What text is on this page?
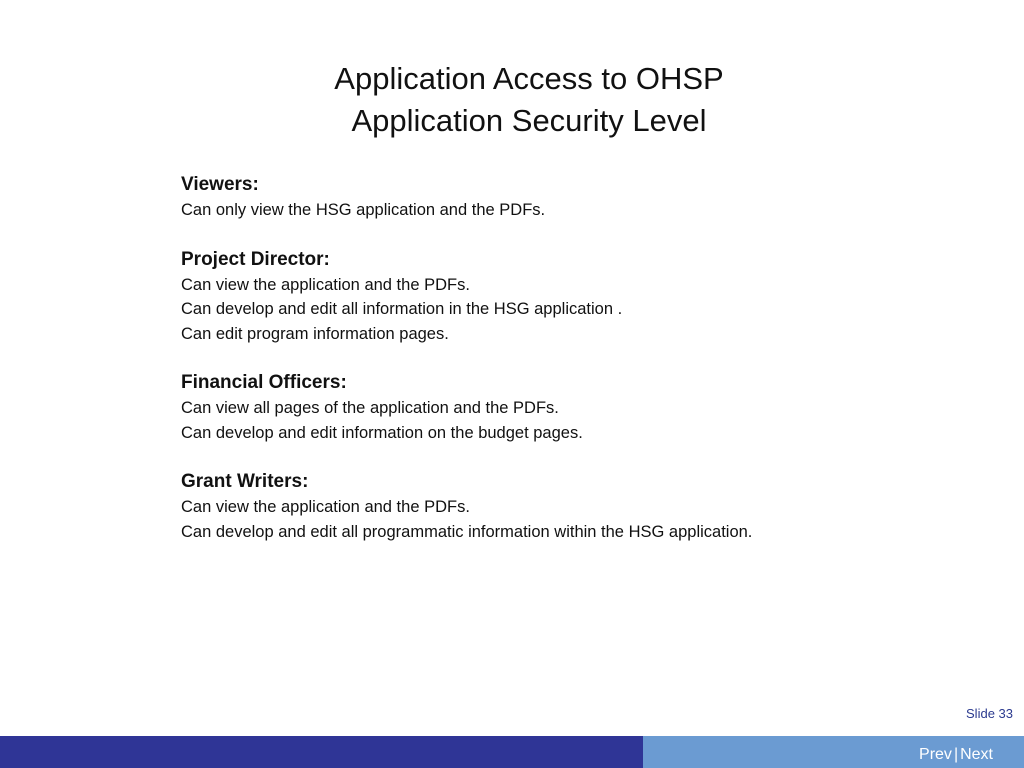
Application Access to OHSP
Application Security Level
Viewers:
Can only view the HSG application and the PDFs.
Project Director:
Can view the application and the PDFs.
Can develop and edit all information in the HSG application .
Can edit program information pages.
Financial Officers:
Can view all pages of the application and the PDFs.
Can develop and edit information on the budget pages.
Grant Writers:
Can view the application and the PDFs.
Can develop and edit all programmatic information within the HSG application.
Slide 33
Prev | Next
